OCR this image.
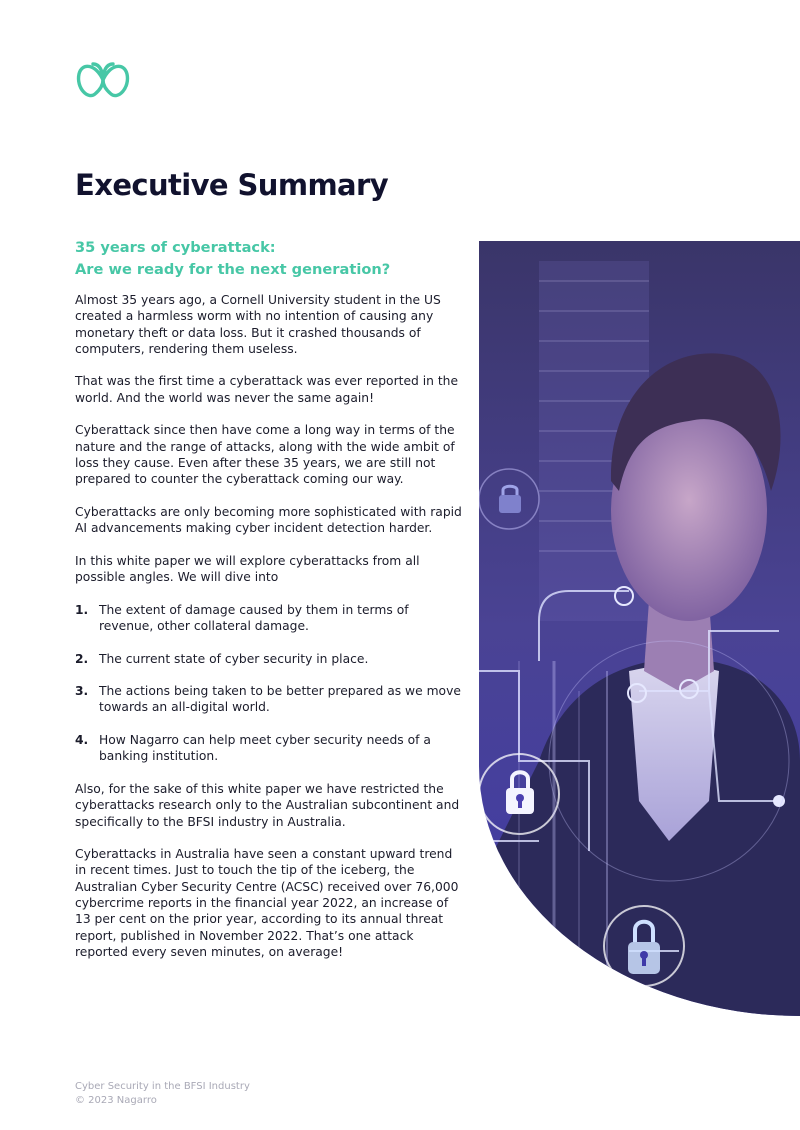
Executive Summary
35 years of cyberattack:
Are we ready for the next generation?

Almost 35 years ago, a Cornell University student in the US created a harmless worm with no intention of causing any monetary theft or data loss. But it crashed thousands of computers, rendering them useless.

That was the first time a cyberattack was ever reported in the world. And the world was never the same again!

Cyberattack since then have come a long way in terms of the nature and the range of attacks, along with the wide ambit of loss they cause. Even after these 35 years, we are still not prepared to counter the cyberattack coming our way.

Cyberattacks are only becoming more sophisticated with rapid AI advancements making cyber incident detection harder.

In this white paper we will explore cyberattacks from all possible angles. We will dive into

1. The extent of damage caused by them in terms of revenue, other collateral damage.
2. The current state of cyber security in place.
3. The actions being taken to be better prepared as we move towards an all-digital world.
4. How Nagarro can help meet cyber security needs of a banking institution.

Also, for the sake of this white paper we have restricted the cyberattacks research only to the Australian subcontinent and specifically to the BFSI industry in Australia.

Cyberattacks in Australia have seen a constant upward trend in recent times. Just to touch the tip of the iceberg, the Australian Cyber Security Centre (ACSC) received over 76,000 cybercrime reports in the financial year 2022, an increase of 13 per cent on the prior year, according to its annual threat report, published in November 2022. That’s one attack reported every seven minutes, on average!

Cyber Security in the BFSI Industry
© 2023 Nagarro
